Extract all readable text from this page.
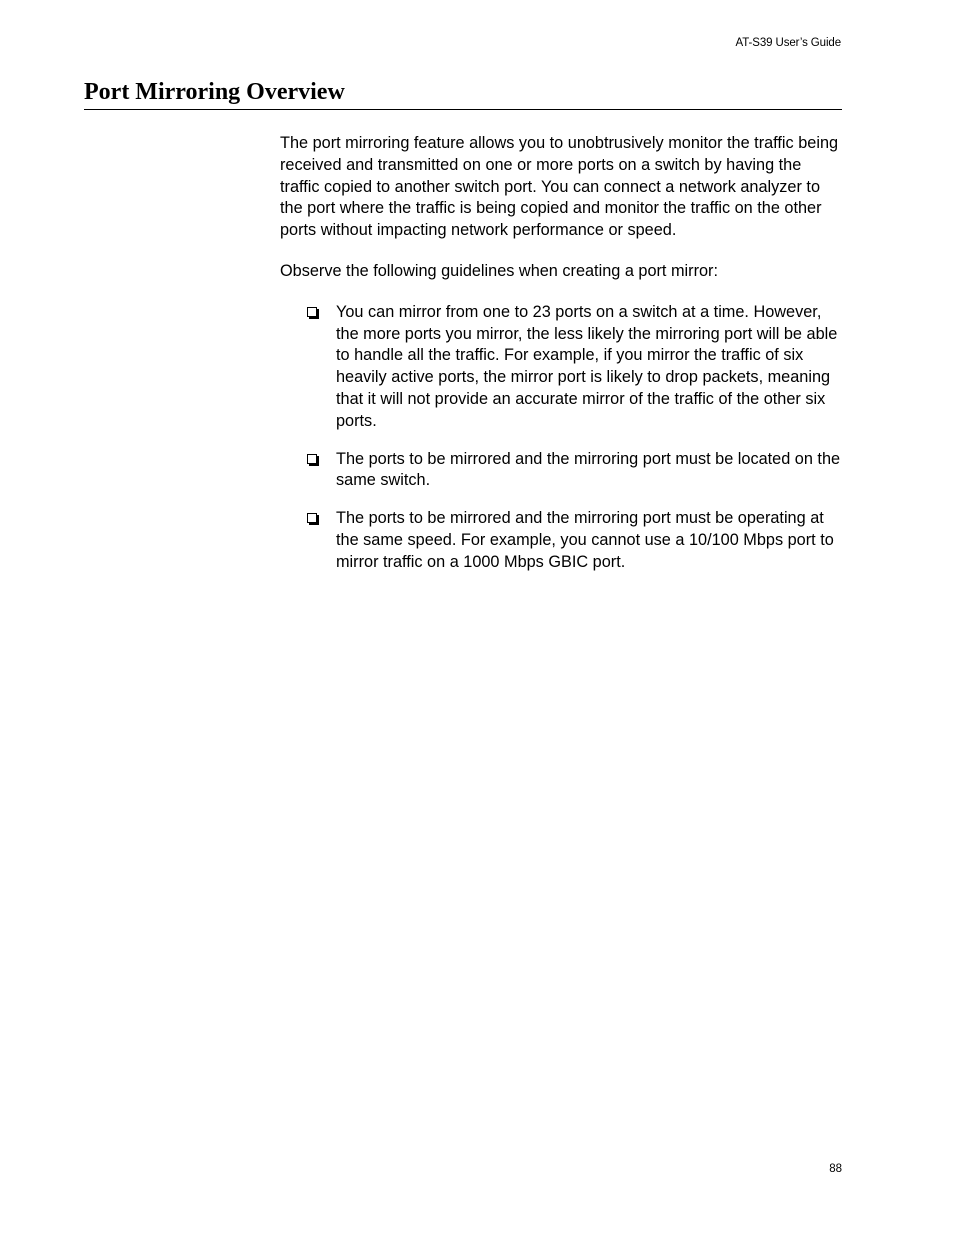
AT-S39 User’s Guide
Port Mirroring Overview

The port mirroring feature allows you to unobtrusively monitor the traffic being received and transmitted on one or more ports on a switch by having the traffic copied to another switch port. You can connect a network analyzer to the port where the traffic is being copied and monitor the traffic on the other ports without impacting network performance or speed.

Observe the following guidelines when creating a port mirror:

You can mirror from one to 23 ports on a switch at a time. However, the more ports you mirror, the less likely the mirroring port will be able to handle all the traffic. For example, if you mirror the traffic of six heavily active ports, the mirror port is likely to drop packets, meaning that it will not provide an accurate mirror of the traffic of the other six ports.
The ports to be mirrored and the mirroring port must be located on the same switch.
The ports to be mirrored and the mirroring port must be operating at the same speed. For example, you cannot use a 10/100 Mbps port to mirror traffic on a 1000 Mbps GBIC port.
88
